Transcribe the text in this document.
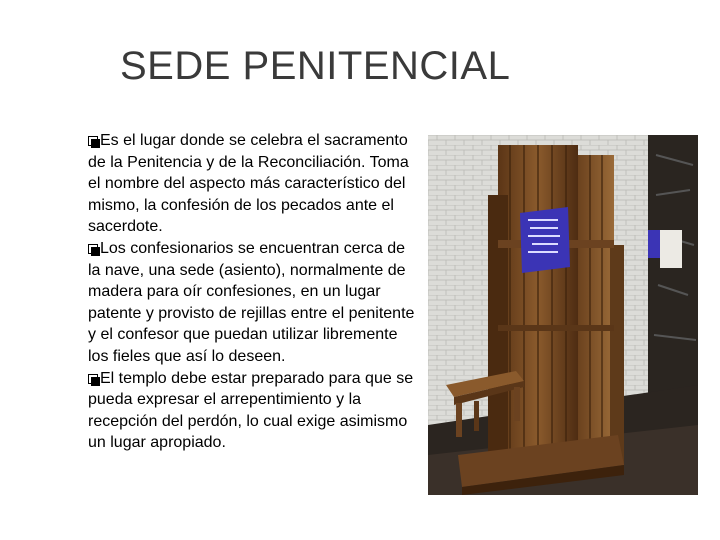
SEDE PENITENCIAL

Es el lugar donde se celebra el sacramento de la Penitencia y de la Reconciliación. Toma el nombre del aspecto más característico del mismo, la confesión de los pecados ante el sacerdote.

Los confesionarios se encuentran cerca de la nave, una sede (asiento), normalmente de madera para oír confesiones, en un lugar patente y provisto de rejillas entre el penitente y el confesor que puedan utilizar libremente los fieles que así lo deseen.

El templo debe estar preparado para que se pueda expresar el arrepentimiento y la recepción del perdón, lo cual exige asimismo un lugar apropiado.
